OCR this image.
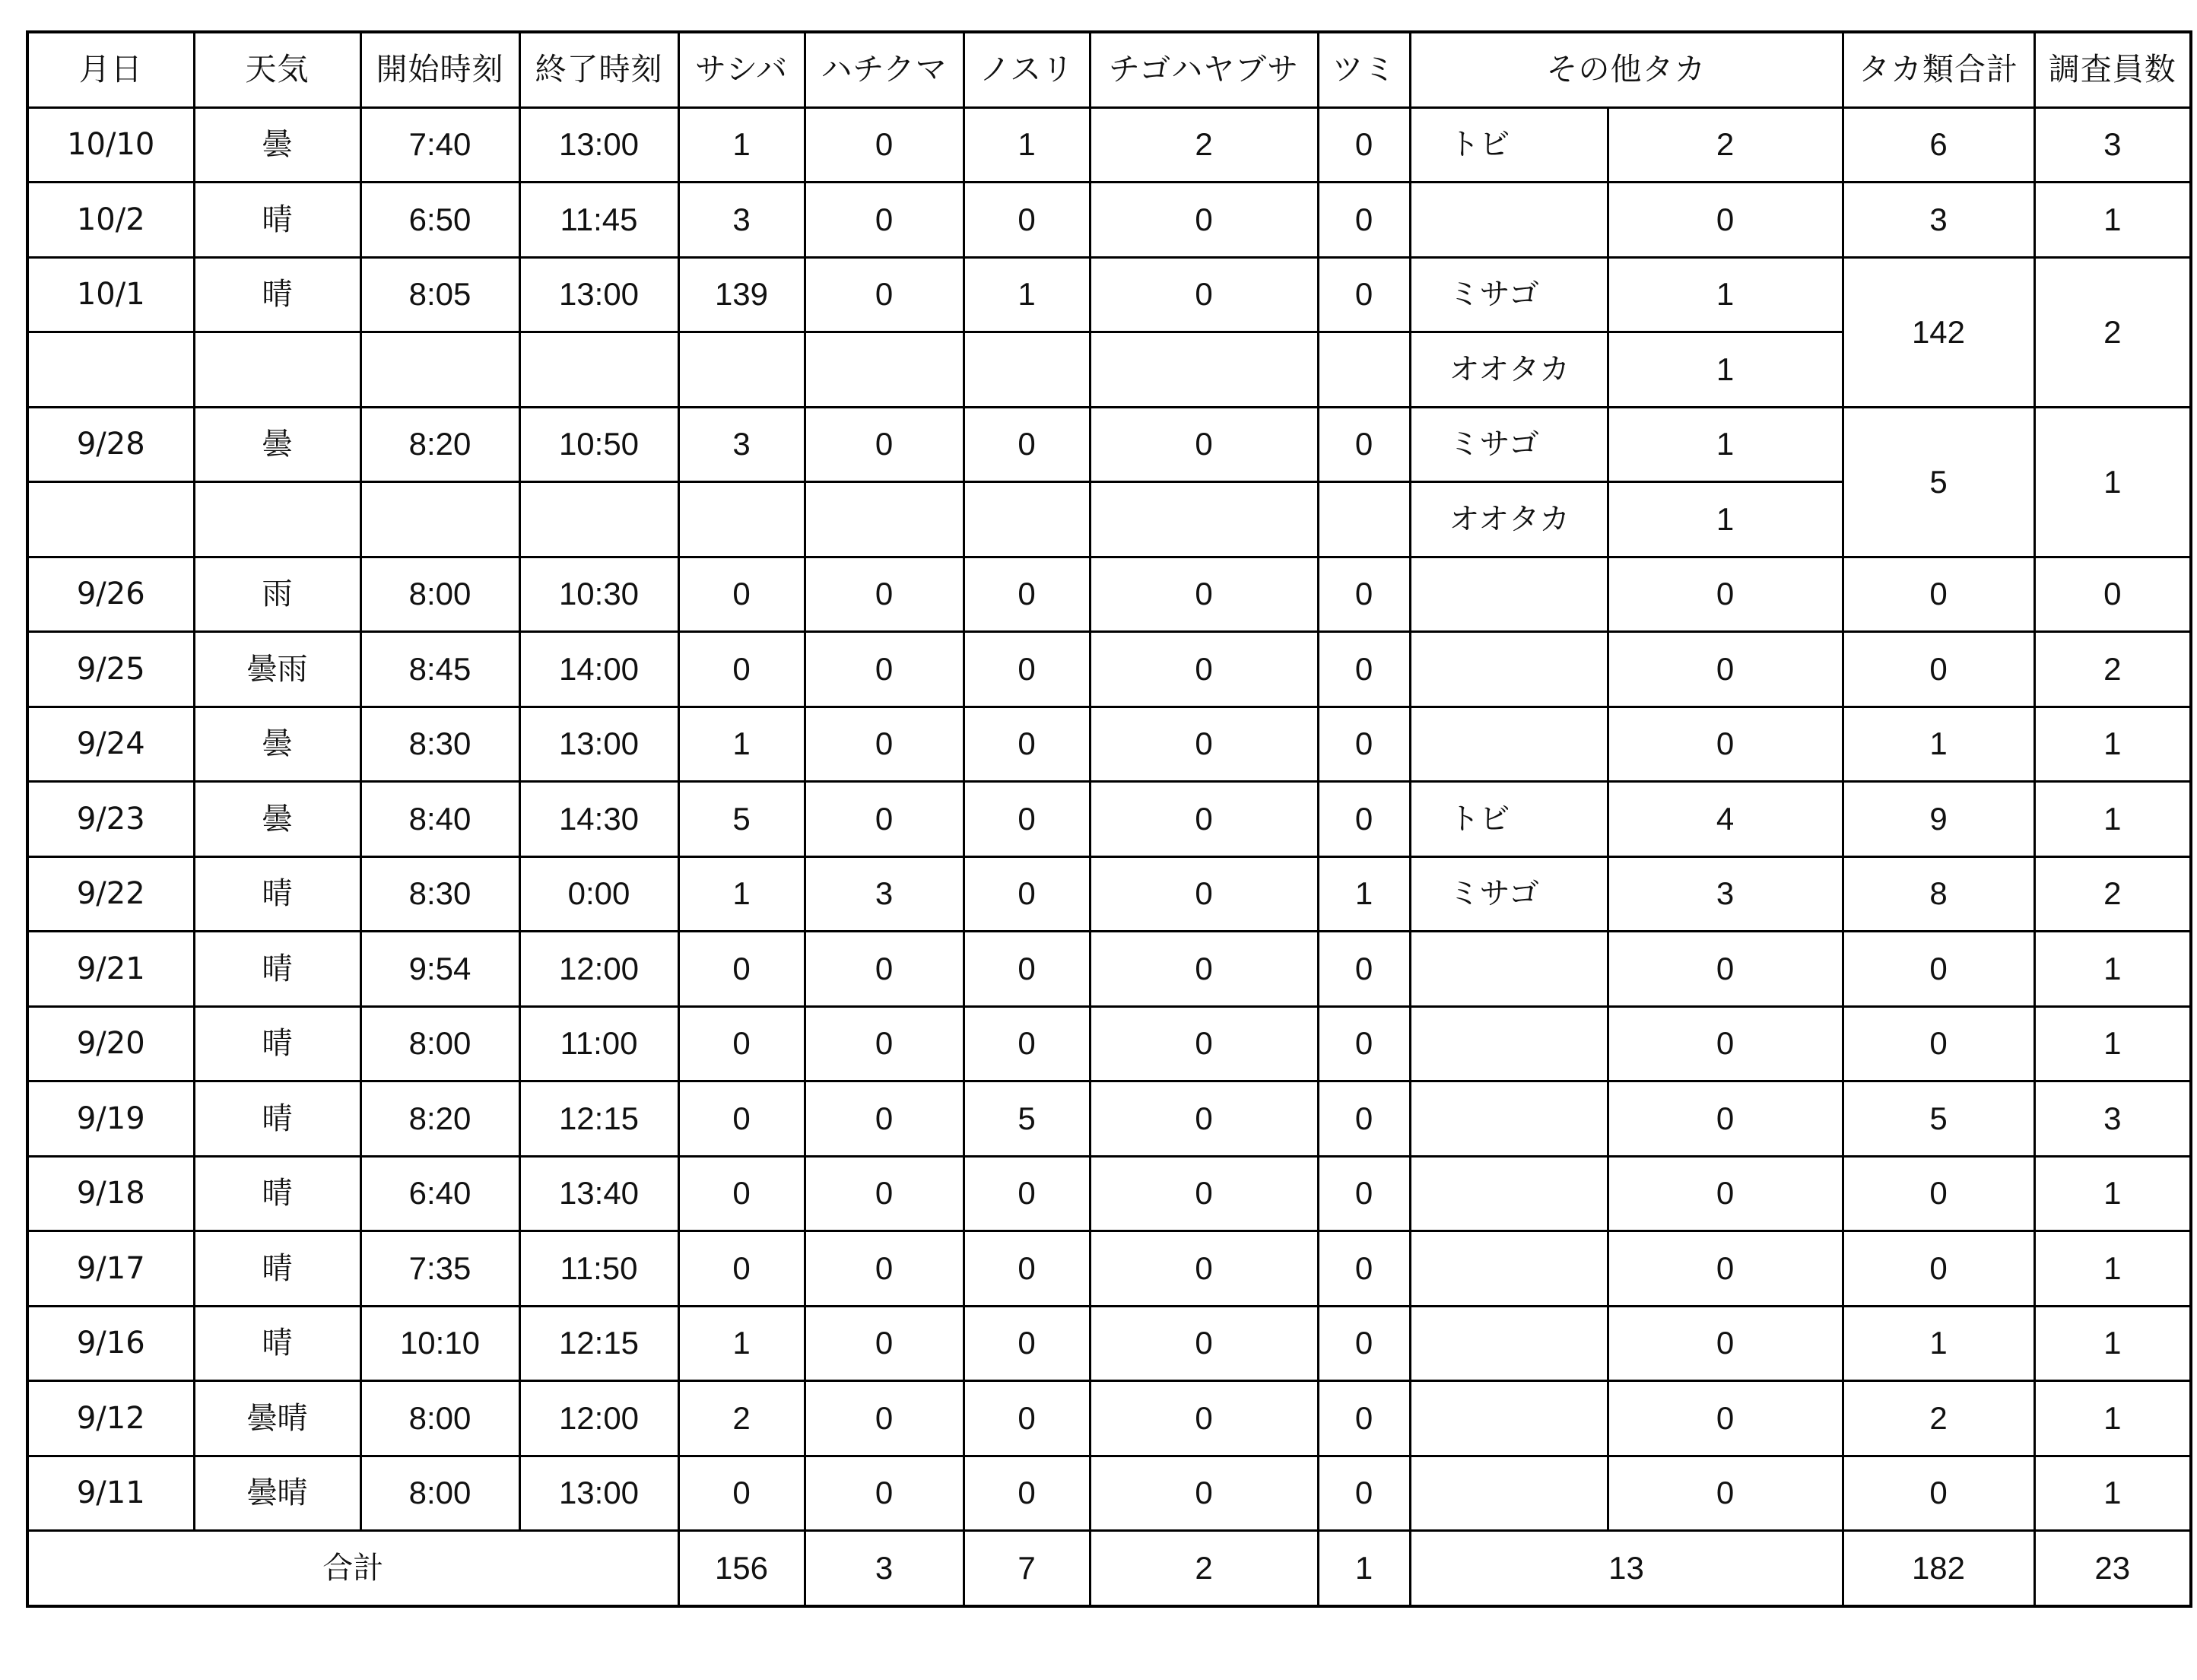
月日	天気	開始時刻	終了時刻	サシバ	ハチクマ	ノスリ	チゴハヤブサ	ツミ	その他タカ		タカ類合計	調査員数
10/10	曇	7:40	13:00	1	0	1	2	0	トビ	2	6	3
10/2	晴	6:50	11:45	3	0	0	0	0		0	3	1
10/1	晴	8:05	13:00	139	0	1	0	0	ミサゴ	1	142	2
									オオタカ	1		
9/28	曇	8:20	10:50	3	0	0	0	0	ミサゴ	1	5	1
									オオタカ	1		
9/26	雨	8:00	10:30	0	0	0	0	0		0	0	0
9/25	曇雨	8:45	14:00	0	0	0	0	0		0	0	2
9/24	曇	8:30	13:00	1	0	0	0	0		0	1	1
9/23	曇	8:40	14:30	5	0	0	0	0	トビ	4	9	1
9/22	晴	8:30	0:00	1	3	0	0	1	ミサゴ	3	8	2
9/21	晴	9:54	12:00	0	0	0	0	0		0	0	1
9/20	晴	8:00	11:00	0	0	0	0	0		0	0	1
9/19	晴	8:20	12:15	0	0	5	0	0		0	5	3
9/18	晴	6:40	13:40	0	0	0	0	0		0	0	1
9/17	晴	7:35	11:50	0	0	0	0	0		0	0	1
9/16	晴	10:10	12:15	1	0	0	0	0		0	1	1
9/12	曇晴	8:00	12:00	2	0	0	0	0		0	2	1
9/11	曇晴	8:00	13:00	0	0	0	0	0		0	0	1
合計				156	3	7	2	1	13		182	23
